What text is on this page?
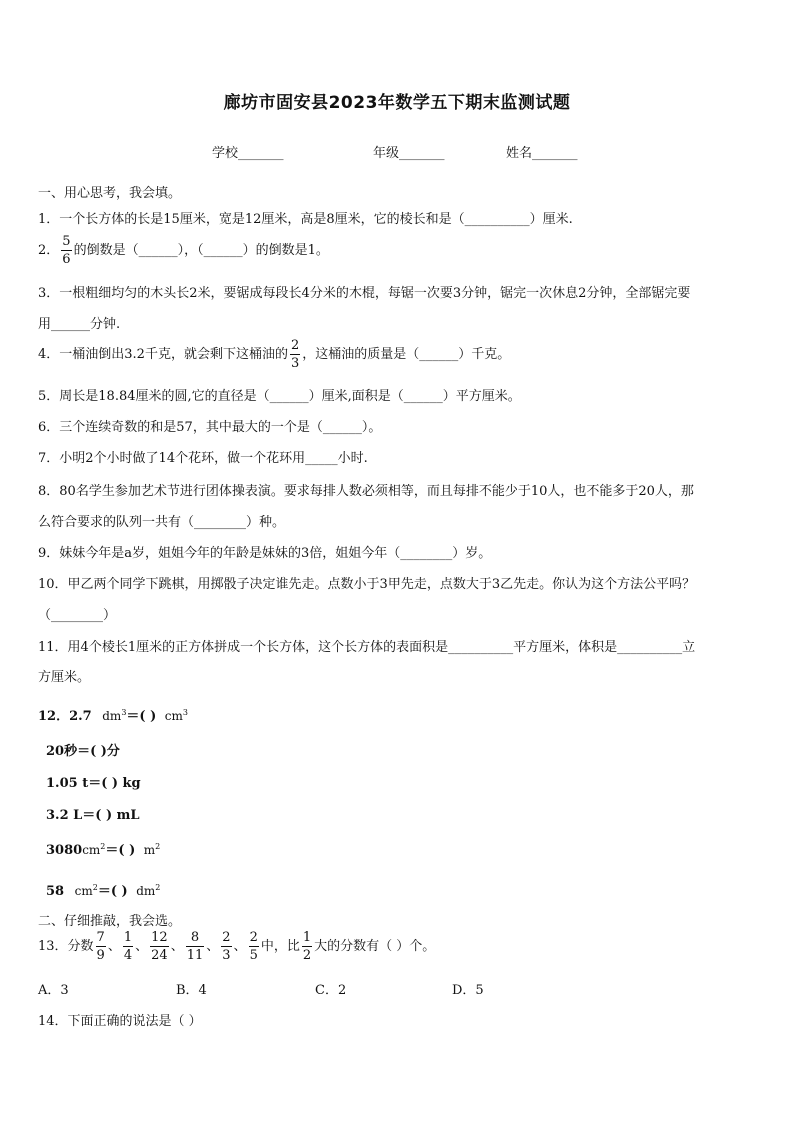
廊坊市固安县2023年数学五下期末监测试题
学校_______	年级_______	姓名_______
一、用心思考，我会填。
1．一个长方体的长是15厘米，宽是12厘米，高是8厘米，它的棱长和是（__________）厘米.
2． $\frac{5}{6}$ 的倒数是（______），（______）的倒数是1。
3．一根粗细均匀的木头长2米，要锯成每段长4分米的木棍，每锯一次要3分钟，锯完一次休息2分钟，全部锯完要
用______分钟.
4．一桶油倒出3.2千克，就会剩下这桶油的 $\frac{2}{3}$ ，这桶油的质量是（______）千克。
5．周长是18.84厘米的圆,它的直径是（______）厘米,面积是（______）平方厘米。
6．三个连续奇数的和是57，其中最大的一个是（______）。
7．小明2个小时做了14个花环，做一个花环用_____小时.
8．80名学生参加艺术节进行团体操表演。要求每排人数必须相等，而且每排不能少于10人，也不能多于20人，那
么符合要求的队列一共有（________）种。
9．妹妹今年是a岁，姐姐今年的年龄是妹妹的3倍，姐姐今年（________）岁。
10．甲乙两个同学下跳棋，用掷骰子决定谁先走。点数小于3甲先走，点数大于3乙先走。你认为这个方法公平吗？
（________）
11．用4个棱长1厘米的正方体拼成一个长方体，这个长方体的表面积是__________平方厘米，体积是__________立
方厘米。
12．2.7 $dm^3=$( ) $cm^3$
20秒＝( )分
1.05 t＝( ) kg
3.2 L＝( ) mL
$3080cm^2=$( ) $m^2$
58 $cm^2=$( ) $dm^2$
二、仔细推敲，我会选。
13．分数 $\frac{7}{9}$ 、 $\frac{1}{4}$ 、 $\frac{12}{24}$ 、 $\frac{8}{11}$ 、 $\frac{2}{3}$ 、 $\frac{2}{5}$ 中，比 $\frac{1}{2}$ 大的分数有（ ）个。
A．3	B．4	C．2	D．5
14．下面正确的说法是（ ）
